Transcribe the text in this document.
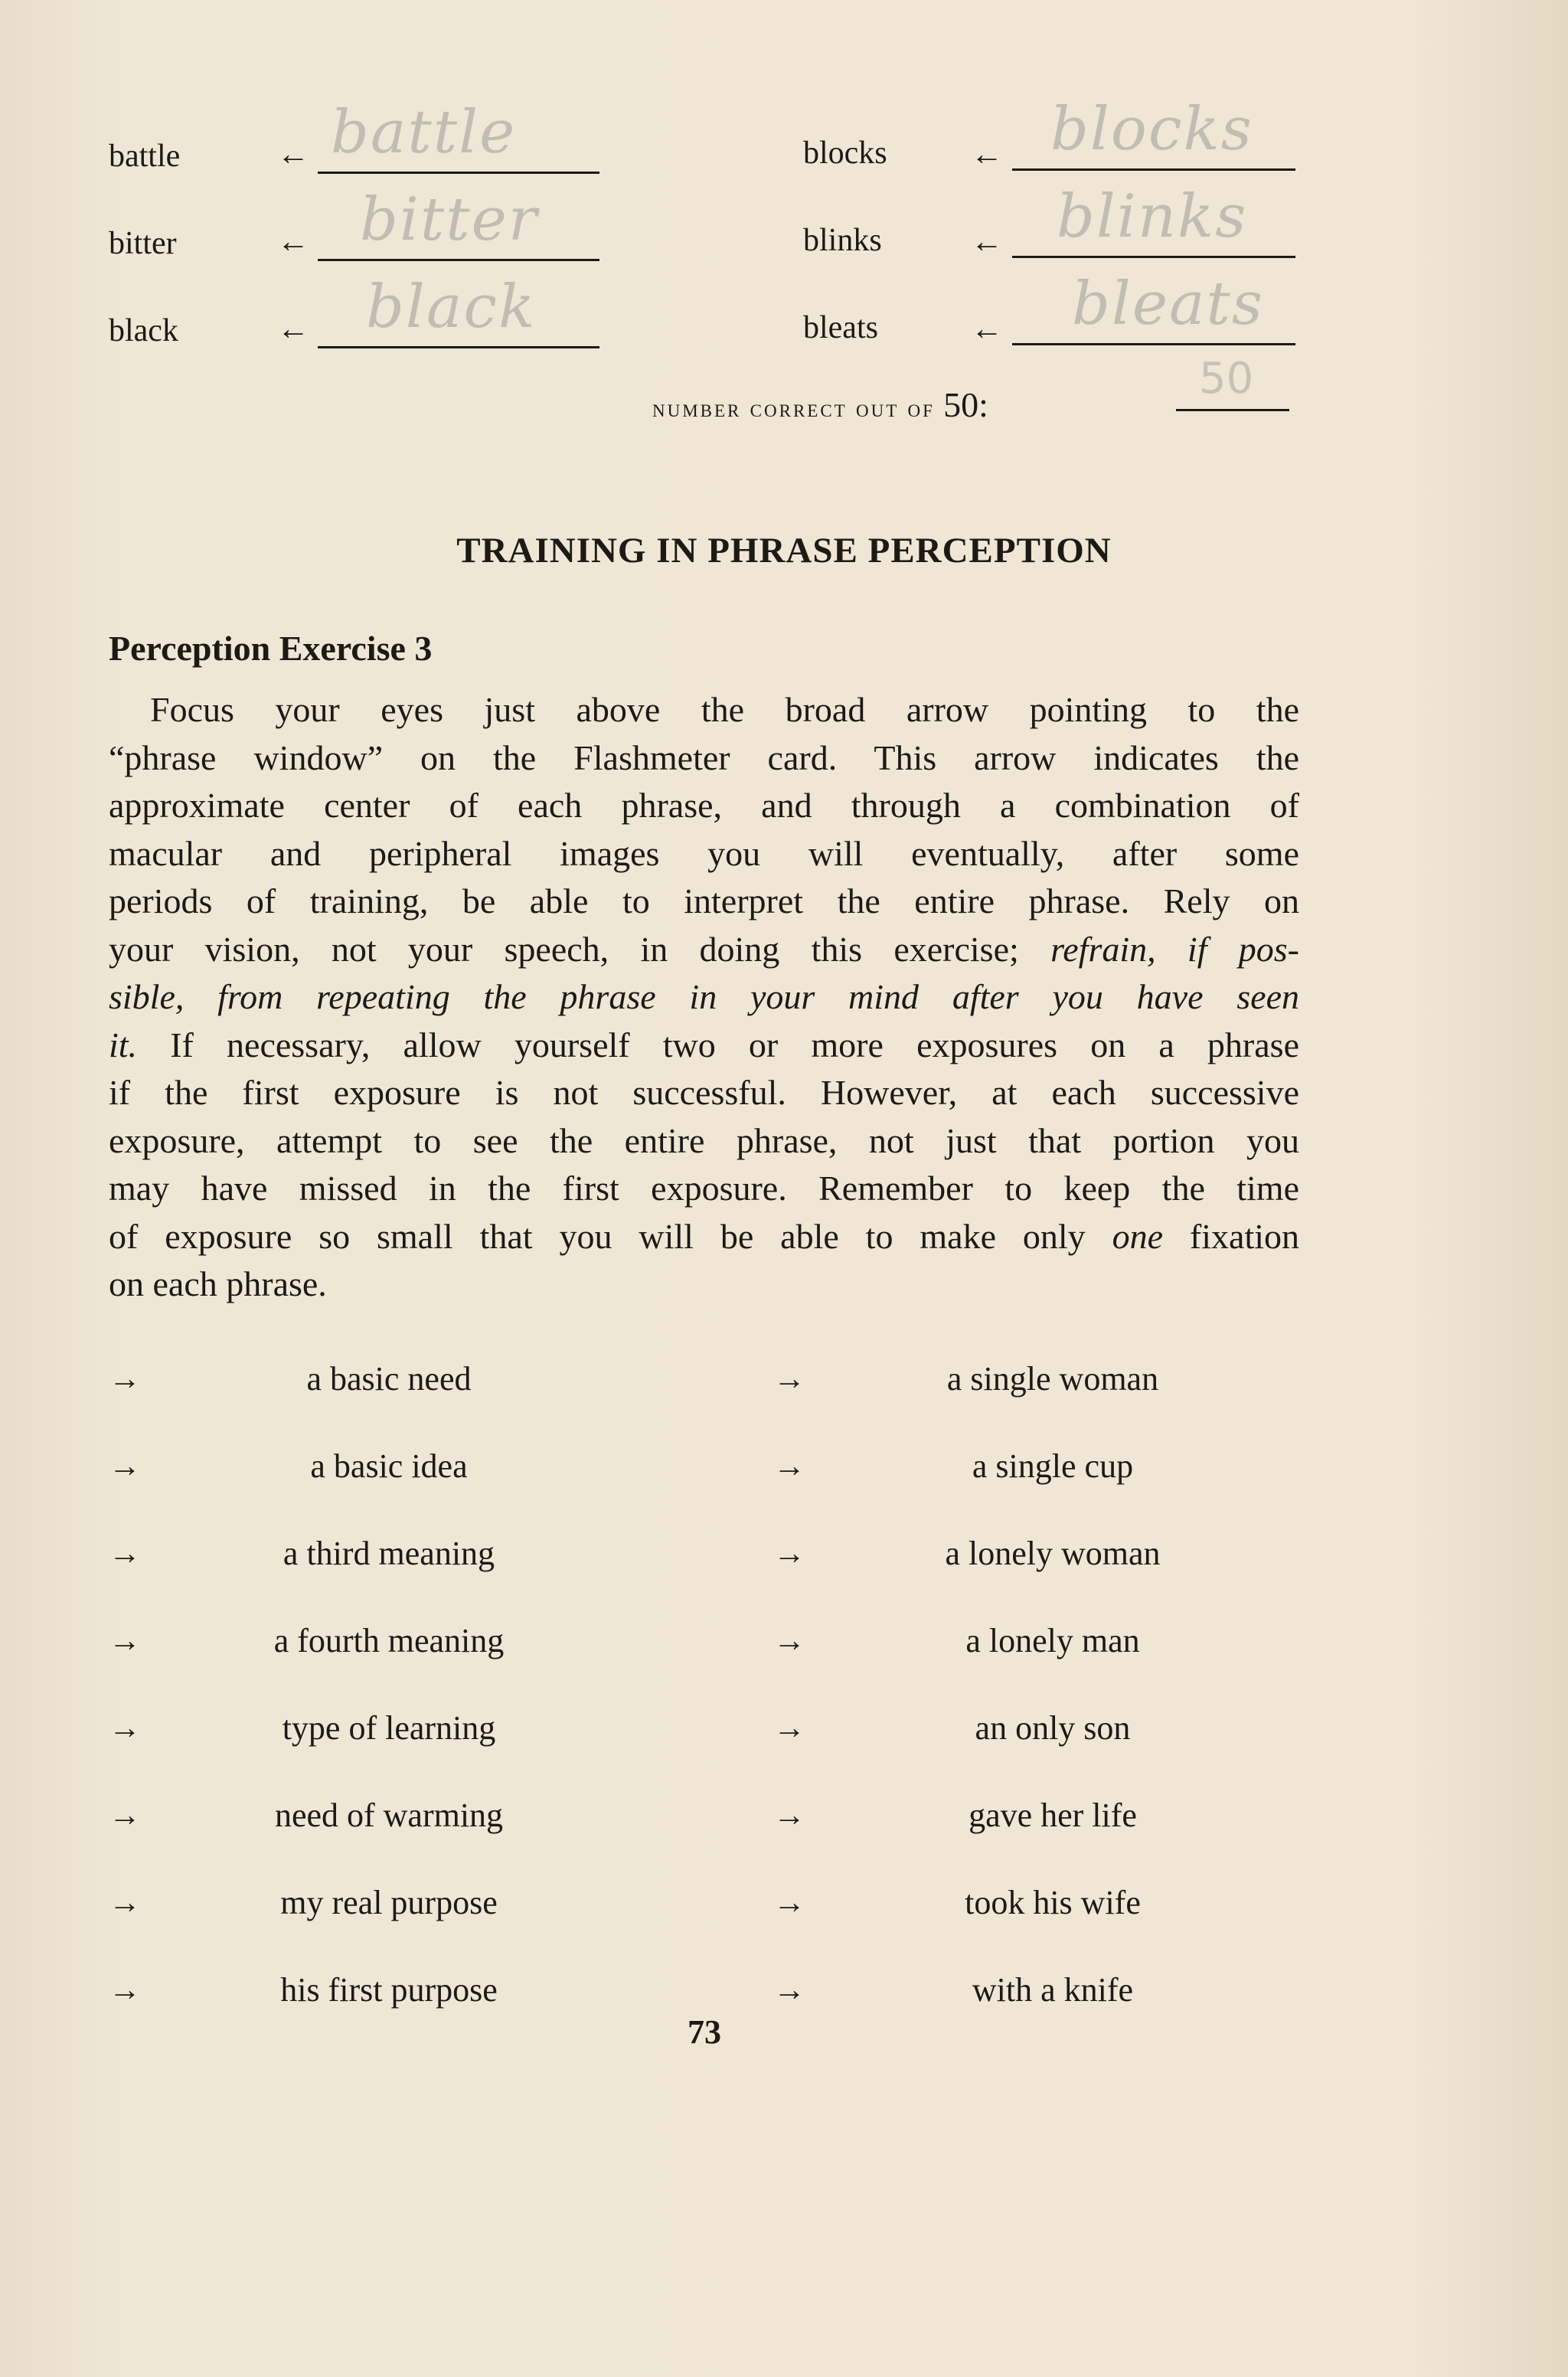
battle	← battle
bitter	← bitter
black	← black
blocks	← blocks
blinks	← blinks
bleats	← bleats
number correct out of 50:
50
TRAINING IN PHRASE PERCEPTION
Perception Exercise 3
Focus your eyes just above the broad arrow pointing to the
“phrase window” on the Flashmeter card. This arrow indicates the
approximate center of each phrase, and through a combination of
macular and peripheral images you will eventually, after some
periods of training, be able to interpret the entire phrase. Rely on
your vision, not your speech, in doing this exercise; refrain, if pos-
sible, from repeating the phrase in your mind after you have seen
it. If necessary, allow yourself two or more exposures on a phrase
if the first exposure is not successful. However, at each successive
exposure, attempt to see the entire phrase, not just that portion you
may have missed in the first exposure. Remember to keep the time
of exposure so small that you will be able to make only one fixation
on each phrase.
→	a basic need	→	a single woman
→	a basic idea	→	a single cup
→	a third meaning	→	a lonely woman
→	a fourth meaning	→	a lonely man
→	type of learning	→	an only son
→	need of warming	→	gave her life
→	my real purpose	→	took his wife
→	his first purpose	→	with a knife
73
